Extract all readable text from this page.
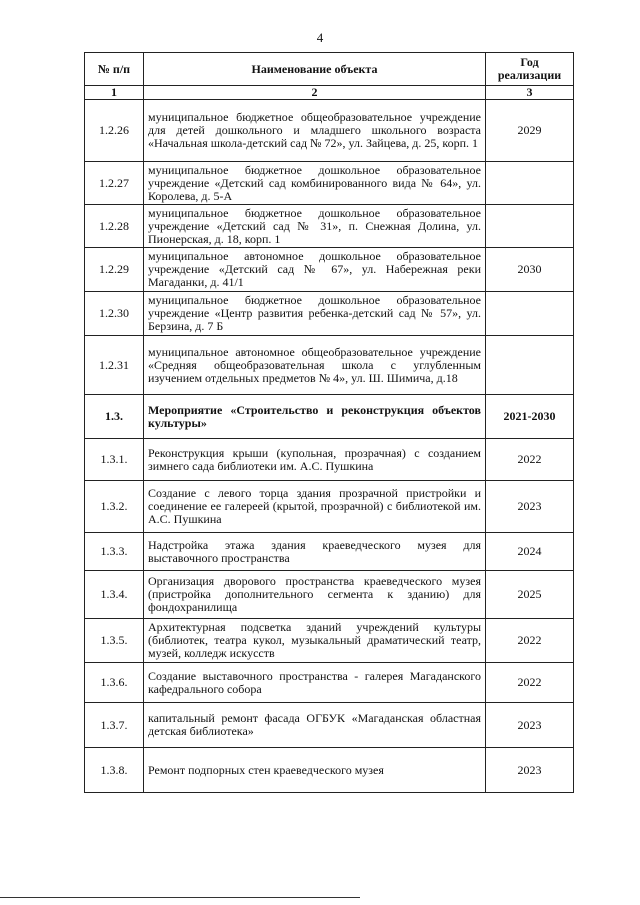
4
№ п/п	Наименование объекта	Год реализации
1	2	3
1.2.26	муниципальное бюджетное общеобразовательное учреждение для детей дошкольного и младшего школьного возраста «Начальная школа-детский сад № 72», ул. Зайцева, д. 25, корп. 1	2029
1.2.27	муниципальное бюджетное дошкольное образовательное учреждение «Детский сад комбинированного вида № 64», ул. Королева, д. 5-А	
1.2.28	муниципальное бюджетное дошкольное образовательное учреждение «Детский сад № 31», п. Снежная Долина, ул. Пионерская, д. 18, корп. 1	
1.2.29	муниципальное автономное дошкольное образовательное учреждение «Детский сад № 67», ул. Набережная реки Магаданки, д. 41/1	2030
1.2.30	муниципальное бюджетное дошкольное образовательное учреждение «Центр развития ребенка-детский сад № 57», ул. Берзина, д. 7 Б	
1.2.31	муниципальное автономное общеобразовательное учреждение «Средняя общеобразовательная школа с углубленным изучением отдельных предметов № 4», ул. Ш. Шимича, д.18	
1.3.	Мероприятие «Строительство и реконструкция объектов культуры»	2021-2030
1.3.1.	Реконструкция крыши (купольная, прозрачная) с созданием зимнего сада библиотеки им. А.С. Пушкина	2022
1.3.2.	Создание с левого торца здания прозрачной пристройки и соединение ее галереей (крытой, прозрачной) с библиотекой им. А.С. Пушкина	2023
1.3.3.	Надстройка этажа здания краеведческого музея для выставочного пространства	2024
1.3.4.	Организация дворового пространства краеведческого музея (пристройка дополнительного сегмента к зданию) для фондохранилища	2025
1.3.5.	Архитектурная подсветка зданий учреждений культуры (библиотек, театра кукол, музыкальный драматический театр, музей, колледж искусств	2022
1.3.6.	Создание выставочного пространства - галерея Магаданского кафедрального собора	2022
1.3.7.	капитальный ремонт фасада ОГБУК «Магаданская областная детская библиотека»	2023
1.3.8.	Ремонт подпорных стен краеведческого музея	2023
